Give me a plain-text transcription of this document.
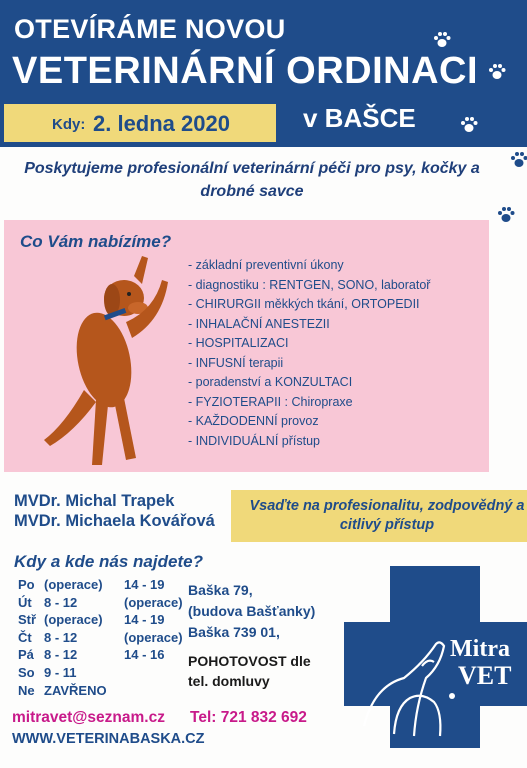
OTEVÍRÁME NOVOU
VETERINÁRNÍ ORDINACI
Kdy: 2. ledna 2020	v BAŠCE
Poskytujeme profesionální veterinární péči pro psy, kočky a
drobné savce
Co Vám nabízíme?
- základní preventivní úkony
- diagnostiku : RENTGEN, SONO, laboratoř
- CHIRURGII měkkých tkání, ORTOPEDII
- INHALAČNÍ ANESTEZII
- HOSPITALIZACI
- INFUSNÍ terapii
- poradenství a KONZULTACI
- FYZIOTERAPII : Chiropraxe
- KAŽDODENNÍ provoz
- INDIVIDUÁLNÍ přístup
MVDr. Michal Trapek
MVDr. Michaela Kovářová
Vsaďte na profesionalitu, zodpovědný a
citlivý přístup
Kdy a kde nás najdete?
Po (operace) 14 - 19
Út 8 - 12	(operace)
Stř (operace) 14 - 19
Čt 8 - 12	(operace)
Pá 8 - 12	14 - 16
So 9 - 11
Ne ZAVŘENO
Baška 79,
(budova Bašťanky)
Baška 739 01,
POHOTOVOST dle
tel. domluvy
Mitra
VET
mitravet@seznam.cz Tel: 721 832 692
WWW.VETERINABASKA.CZ
